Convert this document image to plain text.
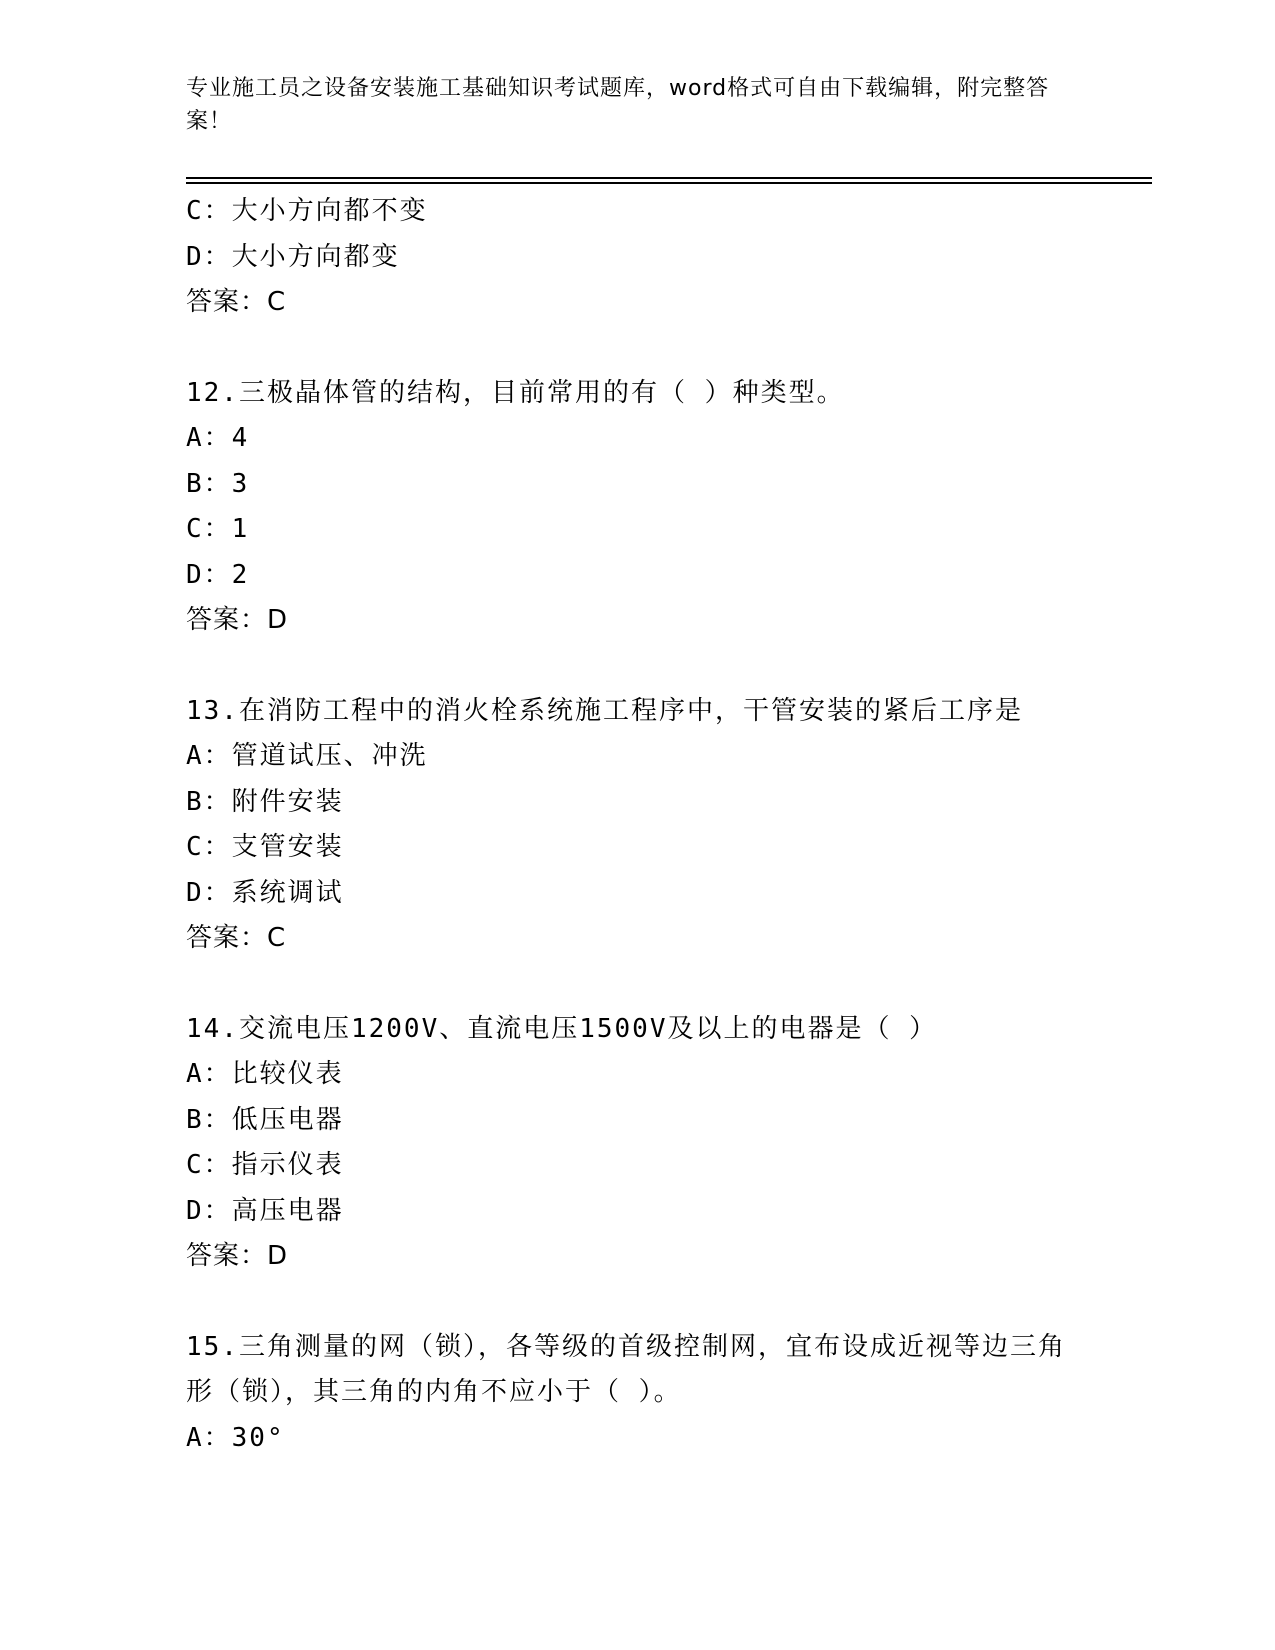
专业施工员之设备安装施工基础知识考试题库，word格式可自由下载编辑，附完整答案！
C：大小方向都不变
D：大小方向都变
答案：C
12.三极晶体管的结构，目前常用的有（ ）种类型。
A：4
B：3
C：1
D：2
答案：D
13.在消防工程中的消火栓系统施工程序中，干管安装的紧后工序是
A：管道试压、冲洗
B：附件安装
C：支管安装
D：系统调试
答案：C
14.交流电压1200V、直流电压1500V及以上的电器是（ ）
A：比较仪表
B：低压电器
C：指示仪表
D：高压电器
答案：D
15.三角测量的网（锁），各等级的首级控制网，宜布设成近视等边三角形（锁），其三角的内角不应小于（ ）。
A：30°
